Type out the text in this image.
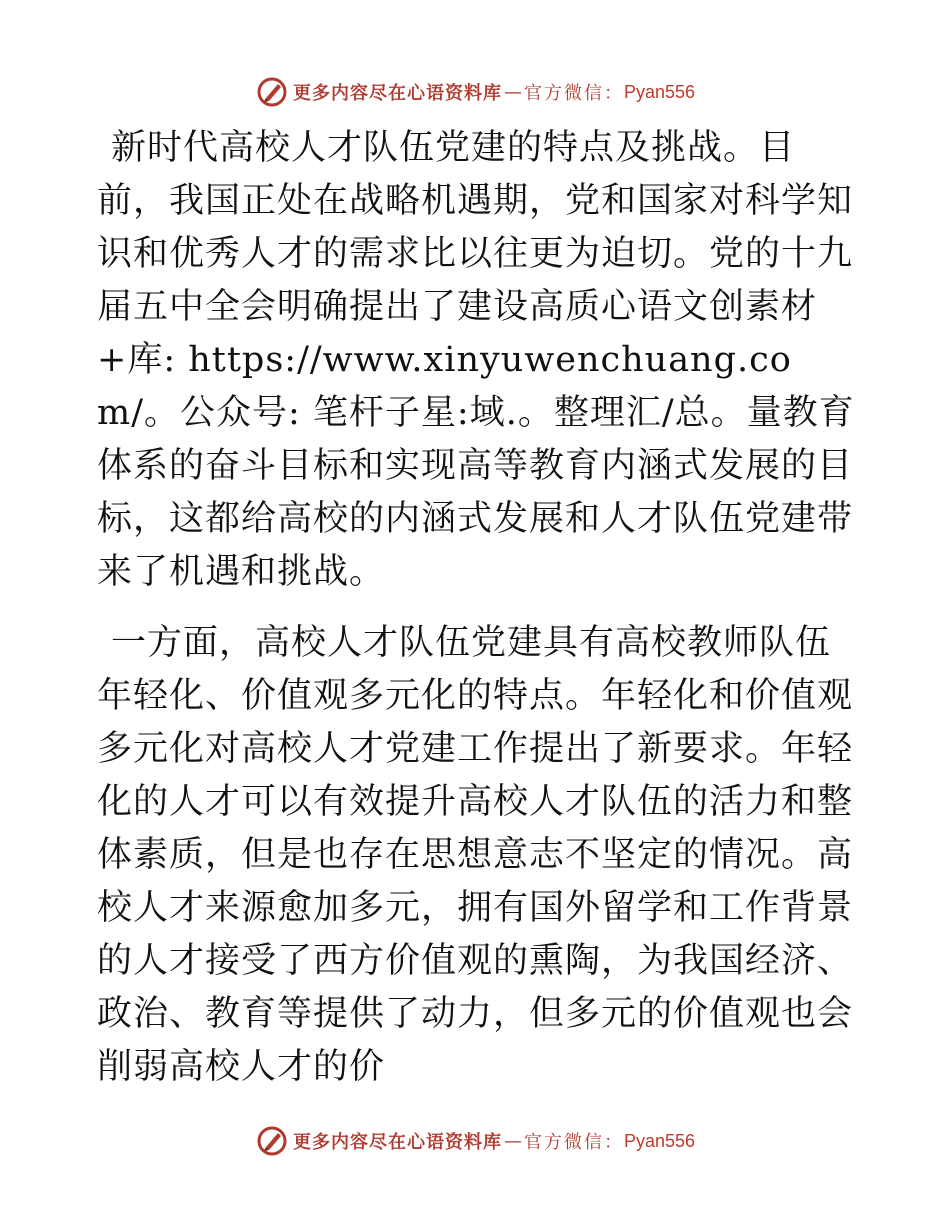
更多内容尽在心语资料库 — 官方微信： Pyan556

新时代高校人才队伍党建的特点及挑战。目前，我国正处在战略机遇期，党和国家对科学知识和优秀人才的需求比以往更为迫切。党的十九届五中全会明确提出了建设高质心语文创素材+库: https://www.xinyuwenchuang.com/。公众号: 笔杆子星:域.。整理汇/总。量教育体系的奋斗目标和实现高等教育内涵式发展的目标，这都给高校的内涵式发展和人才队伍党建带来了机遇和挑战。

一方面，高校人才队伍党建具有高校教师队伍年轻化、价值观多元化的特点。年轻化和价值观多元化对高校人才党建工作提出了新要求。年轻化的人才可以有效提升高校人才队伍的活力和整体素质，但是也存在思想意志不坚定的情况。高校人才来源愈加多元，拥有国外留学和工作背景的人才接受了西方价值观的熏陶，为我国经济、政治、教育等提供了动力，但多元的价值观也会削弱高校人才的价

更多内容尽在心语资料库 — 官方微信： Pyan556
